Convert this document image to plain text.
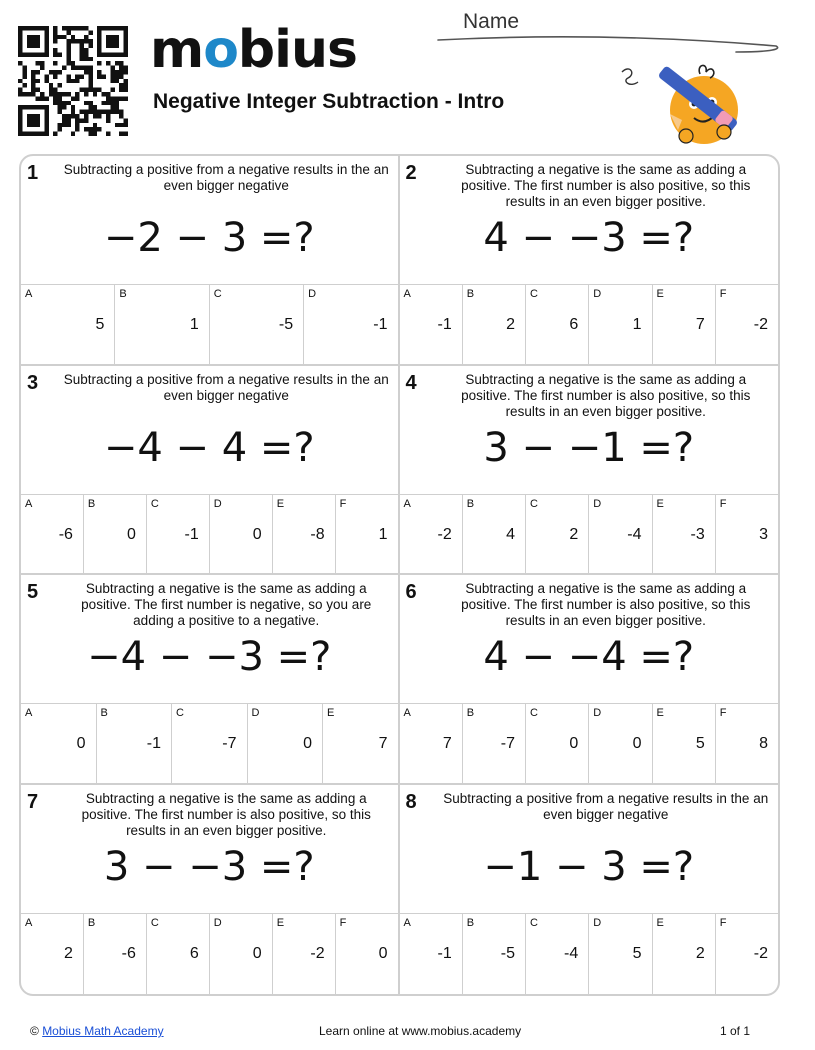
mobius
Negative Integer Subtraction - Intro
Name
1 Subtracting a positive from a negative results in the an even bigger negative
−2 − 3 =?
A
5
B
1
C
-5
D
-1
2	Subtracting a negative is the same as adding a positive. The first number is also positive, so this results in an even bigger positive.
4 − −3 =?
A
-1
B
2
C
6
D
1
E
7
F
-2
3 Subtracting a positive from a negative results in the an even bigger negative
−4 − 4 =?
A
-6
B
0
C
-1
D
0
E
-8
F
1
4	Subtracting a negative is the same as adding a positive. The first number is also positive, so this results in an even bigger positive.
3 − −1 =?
A
-2
B
4
C
2
D
-4
E
-3
F
3
5	Subtracting a negative is the same as adding a positive. The first number is negative, so you are adding a positive to a negative.
−4 − −3 =?
A
0
B
-1
C
-7
D
0
E
7
6	Subtracting a negative is the same as adding a positive. The first number is also positive, so this results in an even bigger positive.
4 − −4 =?
A
7
B
-7
C
0
D
0
E
5
F
8
7	Subtracting a negative is the same as adding a positive. The first number is also positive, so this results in an even bigger positive.
3 − −3 =?
A
2
B
-6
C
6
D
0
E
-2
F
0
8 Subtracting a positive from a negative results in the an even bigger negative
−1 − 3 =?
A
-1
B
-5
C
-4
D
5
E
2
F
-2
© Mobius Math Academy	Learn online at www.mobius.academy	1 of 1
